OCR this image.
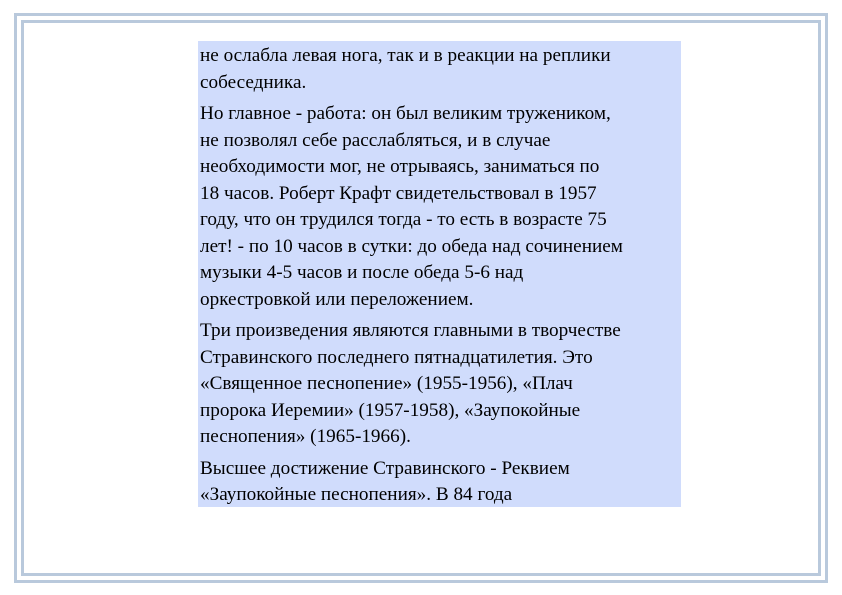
не ослабла левая нога, так и в реакции на реплики
собеседника.

Но главное - работа: он был великим тружеником,
не позволял себе расслабляться, и в случае
необходимости мог, не отрываясь, заниматься по
18 часов. Роберт Крафт свидетельствовал в 1957
году, что он трудился тогда - то есть в возрасте 75
лет! - по 10 часов в сутки: до обеда над сочинением
музыки 4-5 часов и после обеда 5-6 над
оркестровкой или переложением.

Три произведения являются главными в творчестве
Стравинского последнего пятнадцатилетия. Это
«Священное песнопение» (1955-1956), «Плач
пророка Иеремии» (1957-1958), «Заупокойные
песнопения» (1965-1966).

Высшее достижение Стравинского - Реквием
«Заупокойные песнопения». В 84 года
